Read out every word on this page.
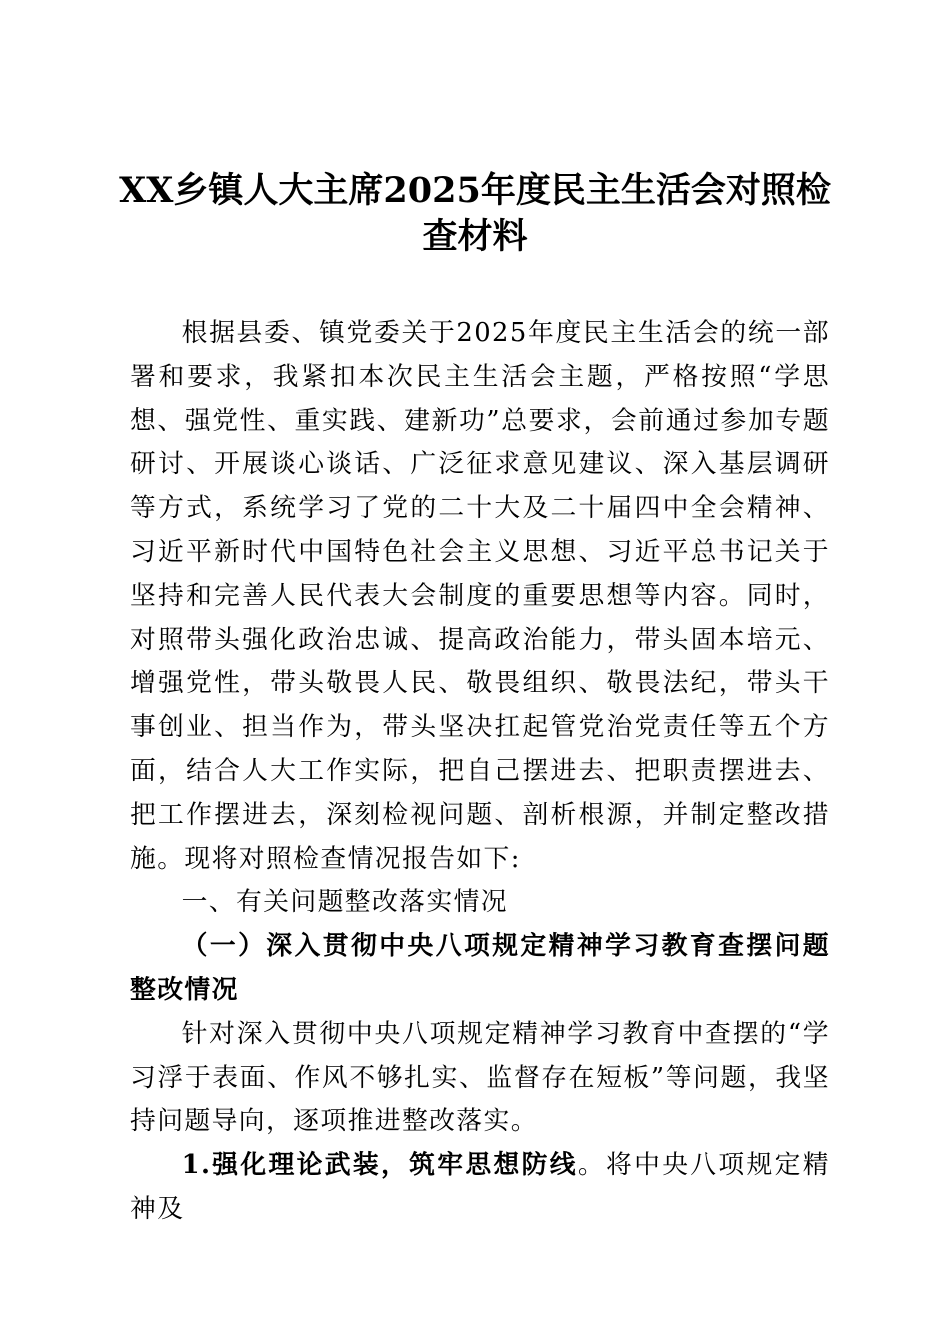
XX乡镇人大主席2025年度民主生活会对照检查材料

根据县委、镇党委关于2025年度民主生活会的统一部署和要求，我紧扣本次民主生活会主题，严格按照“学思想、强党性、重实践、建新功”总要求，会前通过参加专题研讨、开展谈心谈话、广泛征求意见建议、深入基层调研等方式，系统学习了党的二十大及二十届四中全会精神、习近平新时代中国特色社会主义思想、习近平总书记关于坚持和完善人民代表大会制度的重要思想等内容。同时，对照带头强化政治忠诚、提高政治能力，带头固本培元、增强党性，带头敬畏人民、敬畏组织、敬畏法纪，带头干事创业、担当作为，带头坚决扛起管党治党责任等五个方面，结合人大工作实际，把自己摆进去、把职责摆进去、把工作摆进去，深刻检视问题、剖析根源，并制定整改措施。现将对照检查情况报告如下:

一、有关问题整改落实情况

（一）深入贯彻中央八项规定精神学习教育查摆问题整改情况

针对深入贯彻中央八项规定精神学习教育中查摆的“学习浮于表面、作风不够扎实、监督存在短板”等问题，我坚持问题导向，逐项推进整改落实。

1.强化理论武装，筑牢思想防线。将中央八项规定精神及
